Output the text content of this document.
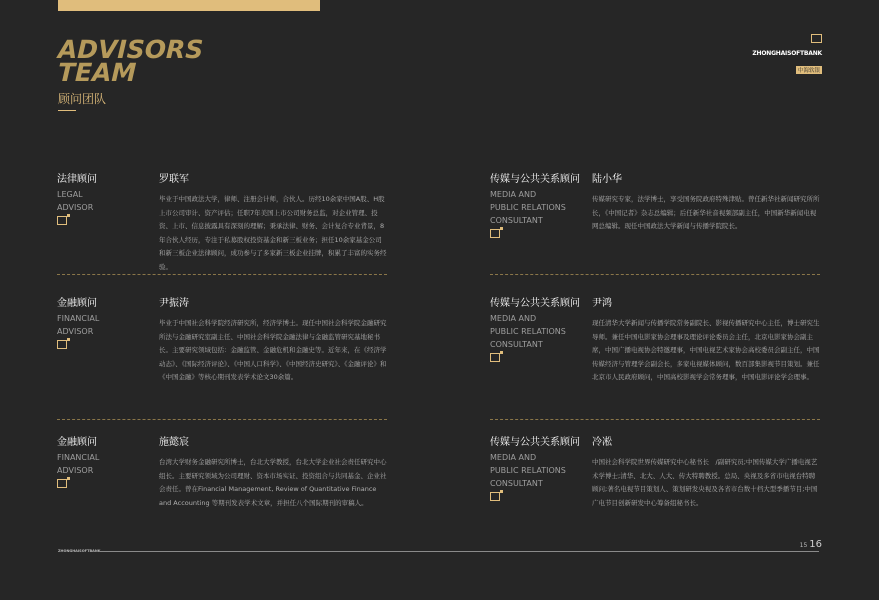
ADVISORS
TEAM
顾问团队
ZHONGHAISOFTBANK
中海软银
法律顾问
LEGAL
ADVISOR
罗联军
毕业于中国政法大学，律师、注册会计师，合伙人。历经10余家中国A股、H股上市公司审计、资产评估；任职7年美国上市公司财务总监，对企业管理、投资、上市、信息披露具有深刻的理解；秉承法律、财务、会计复合专业背景，8年合伙人经历，专注于私募股权投资基金和新三板业务；担任10余家基金公司和新三板企业法律顾问，成功参与了多家新三板企业挂牌，积累了丰富的实务经验。
传媒与公共关系顾问
MEDIA AND
PUBLIC RELATIONS
CONSULTANT
陆小华
传媒研究专家，法学博士，享受国务院政府特殊津贴。曾任新华社新闻研究所所长，《中国记者》杂志总编辑；后任新华社音视频部副主任，中国新华新闻电视网总编辑。现任中国政法大学新闻与传播学院院长。
金融顾问
FINANCIAL
ADVISOR
尹振涛
毕业于中国社会科学院经济研究所，经济学博士。现任中国社会科学院金融研究所法与金融研究室副主任、中国社会科学院金融法律与金融监管研究基地秘书长。主要研究领域包括：金融监管、金融危机和金融史等。近年来，在《经济学动态》、《国际经济评论》、《中国人口科学》、《中国经济史研究》、《金融评论》和《中国金融》等核心期刊发表学术论文30余篇。
传媒与公共关系顾问
MEDIA AND
PUBLIC RELATIONS
CONSULTANT
尹鸿
现任清华大学新闻与传播学院常务副院长、影视传播研究中心主任，博士研究生导师。兼任中国电影家协会理事及理论评论委员会主任，北京电影家协会副主席，中国广播电视协会特邀理事，中国电视艺术家协会高校委员会副主任，中国传媒经济与管理学会副会长，多家电视媒体顾问，数百部集影视节目策划。兼任北京市人民政府顾问，中国高校影视学会常务理事，中国电影评论学会理事。
金融顾问
FINANCIAL
ADVISOR
施懿宸
台湾大学财务金融研究所博士，台北大学教授，台北大学企业社会责任研究中心组长。主要研究领域为公司理财、资本市场实证、投资组合与共同基金、企业社会责任。曾在Financial Management, Review of Quantitative Finance and Accounting 等期刊发表学术文章，并担任八个国际期刊的审稿人。
传媒与公共关系顾问
MEDIA AND
PUBLIC RELATIONS
CONSULTANT
冷凇
中国社会科学院世界传媒研究中心秘书长　/副研究员;中国传媒大学广播电视艺术学博士;清华、北大、人大、传大特聘教授。总局、央视及多省市电视台特聘顾问;著名电视节目策划人、策划研发央视及各省市台数十档大型季播节目;中国广电节目创新研发中心筹备组秘书长。
ZHONGHAISOFTBANK
15 16
